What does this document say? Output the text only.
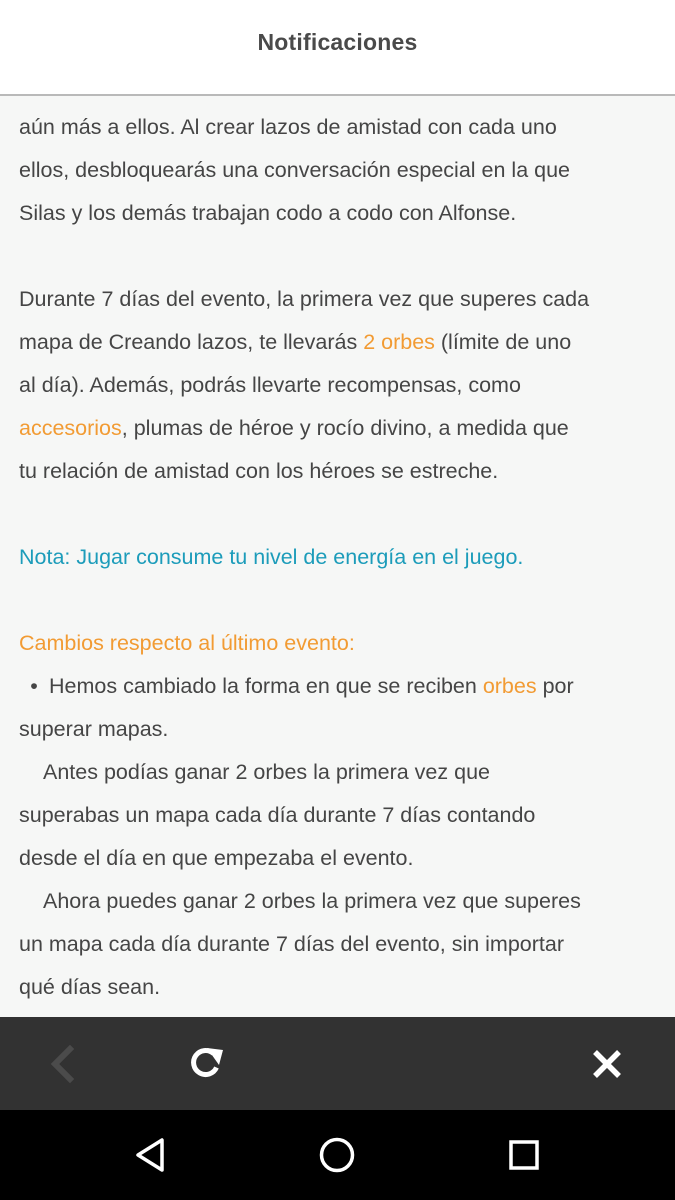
Notificaciones

aún más a ellos. Al crear lazos de amistad con cada uno

ellos, desbloquearás una conversación especial en la que

Silas y los demás trabajan codo a codo con Alfonse.

Durante 7 días del evento, la primera vez que superes cada

mapa de Creando lazos, te llevarás 2 orbes (límite de uno

al día). Además, podrás llevarte recompensas, como

accesorios, plumas de héroe y rocío divino, a medida que

tu relación de amistad con los héroes se estreche.

Nota: Jugar consume tu nivel de energía en el juego.

Cambios respecto al último evento:

• Hemos cambiado la forma en que se reciben orbes por

superar mapas.

Antes podías ganar 2 orbes la primera vez que

superabas un mapa cada día durante 7 días contando

desde el día en que empezaba el evento.

Ahora puedes ganar 2 orbes la primera vez que superes

un mapa cada día durante 7 días del evento, sin importar

qué días sean.
